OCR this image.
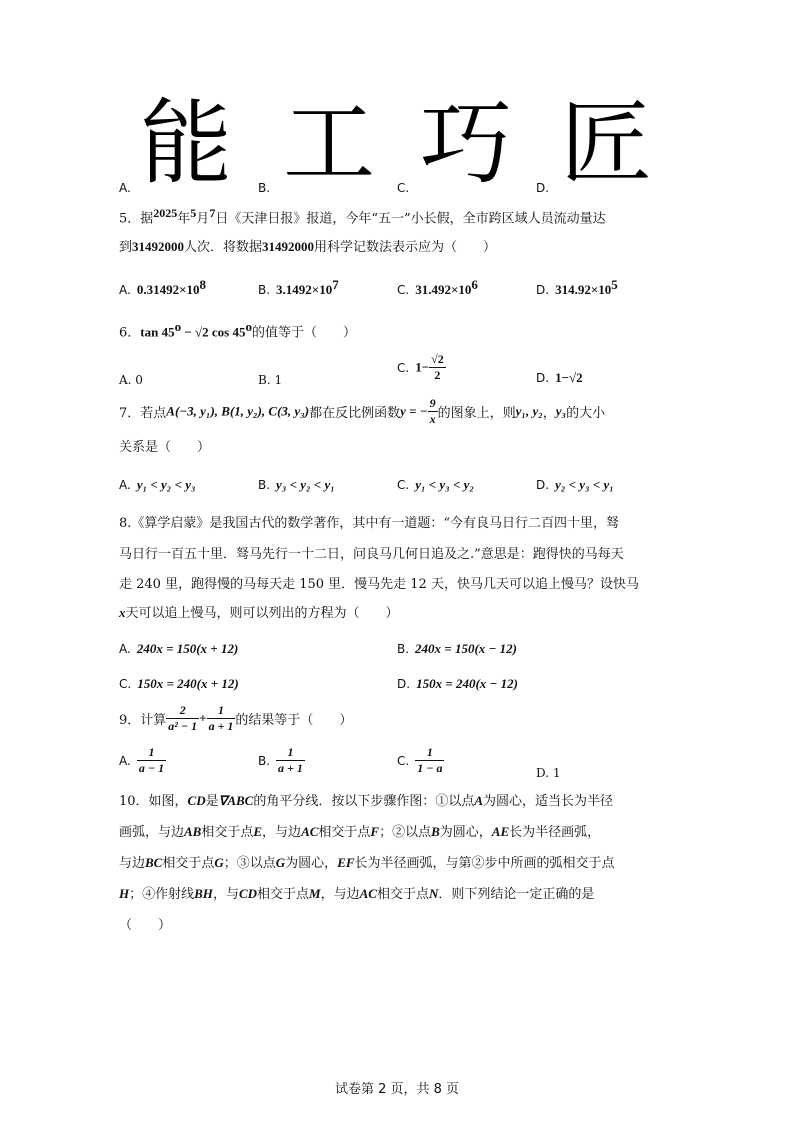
能 工 巧 匠
A.	B.	C.	D.
5．据$^{2025}$年$^5$月$^7$日《天津日报》报道，今年“五一”小长假，全市跨区域人员流动量达
到31492000人次．将数据31492000用科学记数法表示应为（　　）
A. $0.31492\times 10^8$	B. $3.1492\times 10^7$	C. $31.492\times 10^6$	D. $314.92\times 10^5$
6．$\tan 45^o - √2$ cos 45$^o$的值等于（　　）
A. 0	B. 1
C. $1- \frac{√2}{2}$	D. 1−√2
7．若点A(−3, y₁), B(1, y₂), C(3, y₃)都在反比例函数y = − $\frac{9}{x}$ 的图象上，则y₁, y₂，y₃的大小
关系是（　　）
A. y₁ < y₂ < y₃	B. y₃ < y₂ < y₁	C. y₁ < y₃ < y₂	D. y₂ < y₃ < y₁
8.《算学启蒙》是我国古代的数学著作，其中有一道题：“今有良马日行二百四十里，驽
马日行一百五十里．驽马先行一十二日，问良马几何日追及之.”意思是：跑得快的马每天
走 240 里，跑得慢的马每天走 150 里．慢马先走 12 天，快马几天可以追上慢马？设快马
x天可以追上慢马，则可以列出的方程为（　　）
A. 240x = 150(x + 12)	B. 240x = 150(x − 12)
C. 150x = 240(x + 12)	D. 150x = 240(x − 12)
9．计算 $\frac{2}{\text{a² − 1}} + \frac{1}{a + 1}$ 的结果等于（　　）
A. $\frac{1}{a - 1}$	B. $\frac{1}{a + 1}$	C. $\frac{1}{1 - a}$	D. 1
10．如图，CD是∇ABC的角平分线．按以下步骤作图：①以点A为圆心，适当长为半径
画弧，与边AB相交于点E，与边AC相交于点F；②以点B为圆心，AE长为半径画弧，
与边BC相交于点G；③以点G为圆心，EF长为半径画弧，与第②步中所画的弧相交于点
H；④作射线BH，与CD相交于点M，与边AC相交于点N．则下列结论一定正确的是
（　　）
试卷第 2 页，共 8 页
